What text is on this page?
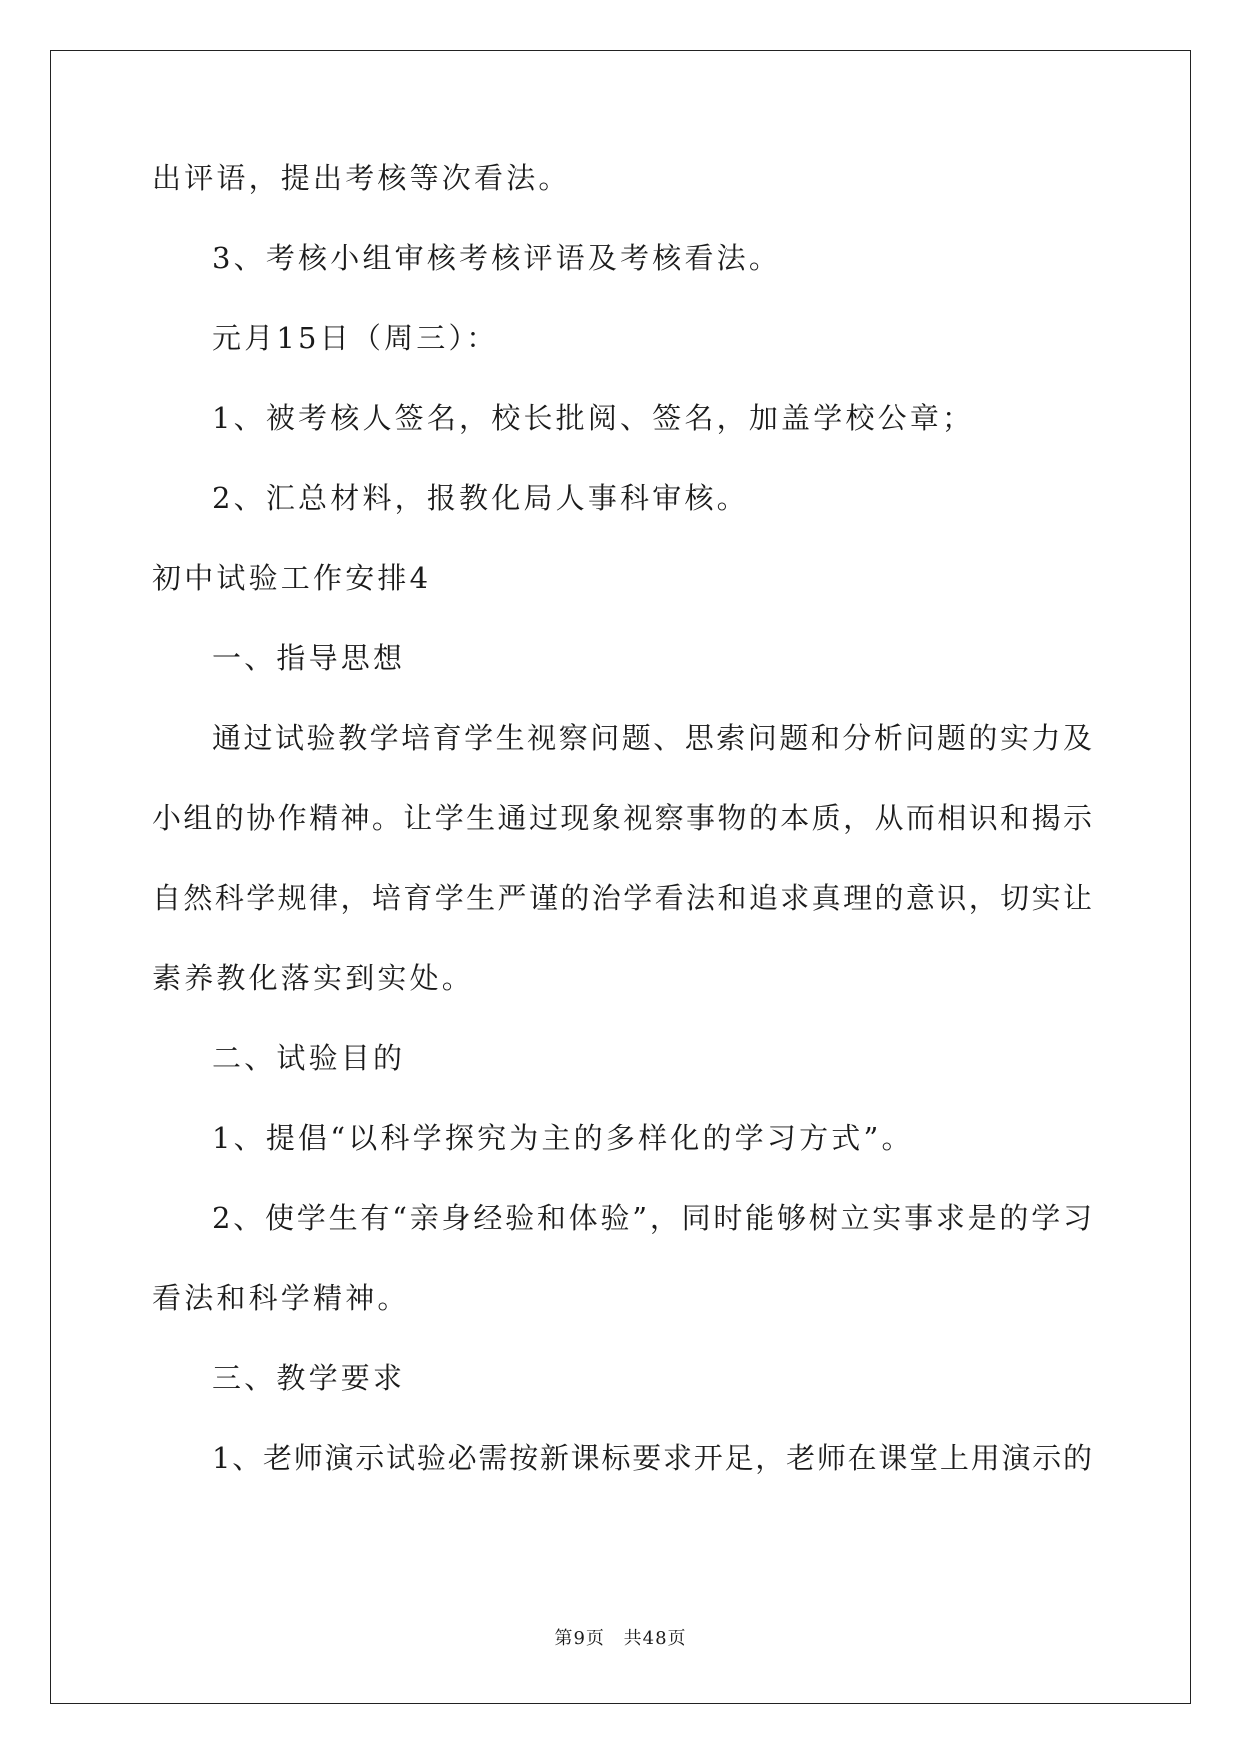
出评语，提出考核等次看法。
3、考核小组审核考核评语及考核看法。
元月15日（周三）：
1、被考核人签名，校长批阅、签名，加盖学校公章；
2、汇总材料，报教化局人事科审核。
初中试验工作安排4
一、指导思想
通过试验教学培育学生视察问题、思索问题和分析问题的实力及
小组的协作精神。让学生通过现象视察事物的本质，从而相识和揭示
自然科学规律，培育学生严谨的治学看法和追求真理的意识，切实让
素养教化落实到实处。
二、试验目的
1、提倡“以科学探究为主的多样化的学习方式”。
2、使学生有“亲身经验和体验”，同时能够树立实事求是的学习
看法和科学精神。
三、教学要求
1、老师演示试验必需按新课标要求开足，老师在课堂上用演示的
第9页 共48页
